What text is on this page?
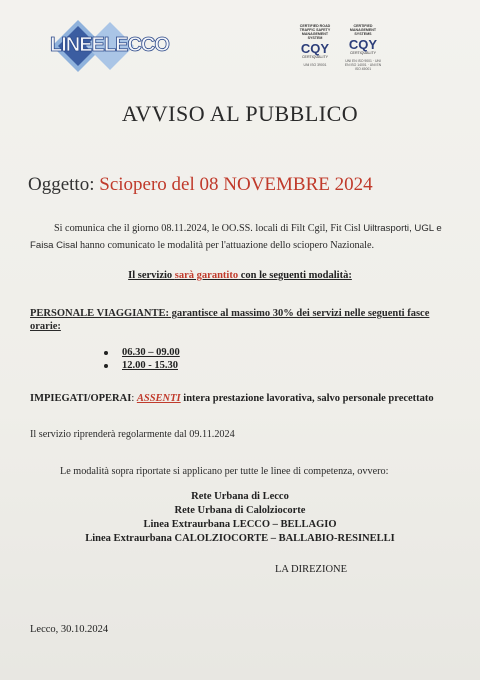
LINEELECCO
CERTIFIED ROAD TRAFFIC SAFETY MANAGEMENT SYSTEM
CQY
CERTIQUALITY
UNI ISO 39001
CERTIFIED MANAGEMENT SYSTEMS
CQY
CERTIQUALITY
UNI EN ISO 9001 · UNI EN ISO 14001 · UNI EN ISO 45001
AVVISO AL PUBBLICO
Oggetto: Sciopero del 08 NOVEMBRE 2024
Si comunica che il giorno 08.11.2024, le OO.SS. locali di Filt Cgil, Fit Cisl Uiltrasporti, UGL e
Faisa Cisal hanno comunicato le modalità per l'attuazione dello sciopero Nazionale.
Il servizio sarà garantito con le seguenti modalità:
PERSONALE VIAGGIANTE: garantisce al massimo 30% dei servizi nelle seguenti fasce orarie:
06.30 – 09.00
12.00 - 15.30
IMPIEGATI/OPERAI: ASSENTI intera prestazione lavorativa, salvo personale precettato
Il servizio riprenderà regolarmente dal 09.11.2024
Le modalità sopra riportate si applicano per tutte le linee di competenza, ovvero:
Rete Urbana di Lecco
Rete Urbana di Calolziocorte
Linea Extraurbana LECCO – BELLAGIO
Linea Extraurbana CALOLZIOCORTE – BALLABIO-RESINELLI
LA DIREZIONE
Lecco, 30.10.2024
